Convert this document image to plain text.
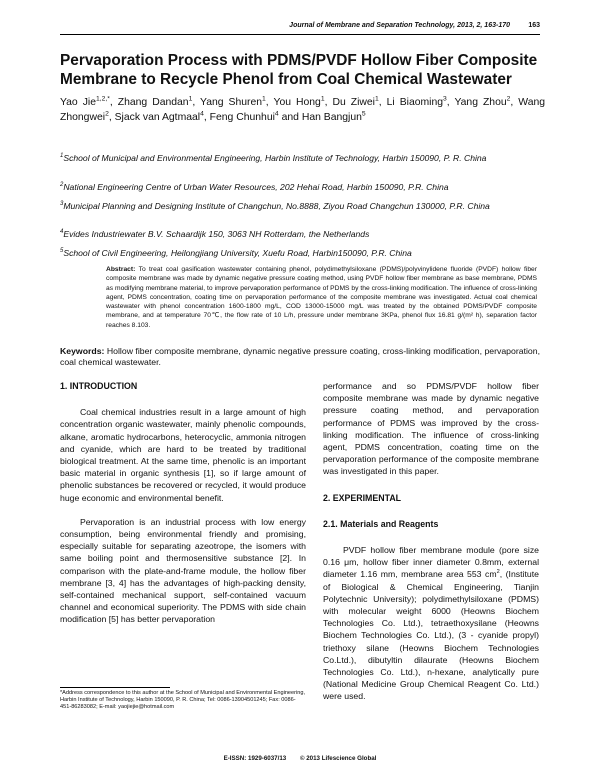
Journal of Membrane and Separation Technology, 2013, 2, 163-170	163
Pervaporation Process with PDMS/PVDF Hollow Fiber Composite Membrane to Recycle Phenol from Coal Chemical Wastewater
Yao Jie$^{1,2,*}$, Zhang Dandan$^1$, Yang Shuren$^1$, You Hong$^1$, Du Ziwei$^1$, Li Biaoming$^3$, Yang Zhou$^2$, Wang Zhongwei$^2$, Sjack van Agtmaal$^4$, Feng Chunhui$^4$ and Han Bangjun$^5$
$^1$School of Municipal and Environmental Engineering, Harbin Institute of Technology, Harbin 150090, P. R. China
$^2$National Engineering Centre of Urban Water Resources, 202 Hehai Road, Harbin 150090, P.R. China
$^3$Municipal Planning and Designing Institute of Changchun, No.8888, Ziyou Road Changchun 130000, P.R. China
$^4$Evides Industriewater B.V. Schaardijk 150, 3063 NH Rotterdam, the Netherlands
$^5$School of Civil Engineering, Heilongjiang University, Xuefu Road, Harbin150090, P.R. China
Abstract: To treat coal gasification wastewater containing phenol, polydimethylsiloxane (PDMS)/polyvinylidene fluoride (PVDF) hollow fiber composite membrane was made by dynamic negative pressure coating method, using PVDF hollow fiber membrane as base membrane, PDMS as modifying membrane material, to improve pervaporation performance of PDMS by the cross-linking modification. The influence of cross-linking agent, PDMS concentration, coating time on pervaporation performance of the composite membrane was investigated. Actual coal chemical wastewater with phenol concentration 1600-1800 mg/L, COD 13000-15000 mg/L was treated by the obtained PDMS/PVDF composite membrane, and at temperature 70℃, the flow rate of 10 L/h, pressure under membrane 3KPa, phenol flux 16.81 g/(m² h), separation factor reaches 8.103.
Keywords: Hollow fiber composite membrane, dynamic negative pressure coating, cross-linking modification, pervaporation, coal chemical wastewater.

1. INTRODUCTION

Coal chemical industries result in a large amount of high concentration organic wastewater, mainly phenolic compounds, alkane, aromatic hydrocarbons, heterocyclic, ammonia nitrogen and cyanide, which are hard to be treated by traditional biological treatment. At the same time, phenolic is an important basic material in organic synthesis [1], so if large amount of phenolic substances be recovered or recycled, it would produce huge economic and environmental benefit.

Pervaporation is an industrial process with low energy consumption, being environmental friendly and promising, especially suitable for separating azeotrope, the isomers with same boiling point and thermosensitive substance [2]. In comparison with the plate-and-frame module, the hollow fiber membrane [3, 4] has the advantages of high-packing density, self-contained mechanical support, self-contained vacuum channel and economical superiority. The PDMS with side chain modification [5] has better pervaporation

performance and so PDMS/PVDF hollow fiber composite membrane was made by dynamic negative pressure coating method, and pervaporation performance of PDMS was improved by the cross-linking modification. The influence of cross-linking agent, PDMS concentration, coating time on the pervaporation performance of the composite membrane was investigated in this paper.

2. EXPERIMENTAL

2.1. Materials and Reagents

PVDF hollow fiber membrane module (pore size 0.16 μm, hollow fiber inner diameter 0.8mm, external diameter 1.16 mm, membrane area 553 $cm^2$, (Institute of Biological & Chemical Engineering, Tianjin Polytechnic University); polydimethylsiloxane (PDMS) with molecular weight 6000 (Heowns Biochem Technologies Co. Ltd.), tetraethoxysilane (Heowns Biochem Technologies Co. Ltd.), (3 - cyanide propyl) triethoxy silane (Heowns Biochem Technologies Co.Ltd.), dibutyltin dilaurate (Heowns Biochem Technologies Co. Ltd.), n-hexane, analytically pure (National Medicine Group Chemical Reagent Co. Ltd.) were used.

*Address correspondence to this author at the School of Municipal and Environmental Engineering, Harbin Institute of Technology, Harbin 150090, P. R. China; Tel: 0086-13904501245; Fax: 0086-451-86283082; E-mail: yaojiejie@hotmail.com
E-ISSN: 1929-6037/13 © 2013 Lifescience Global
